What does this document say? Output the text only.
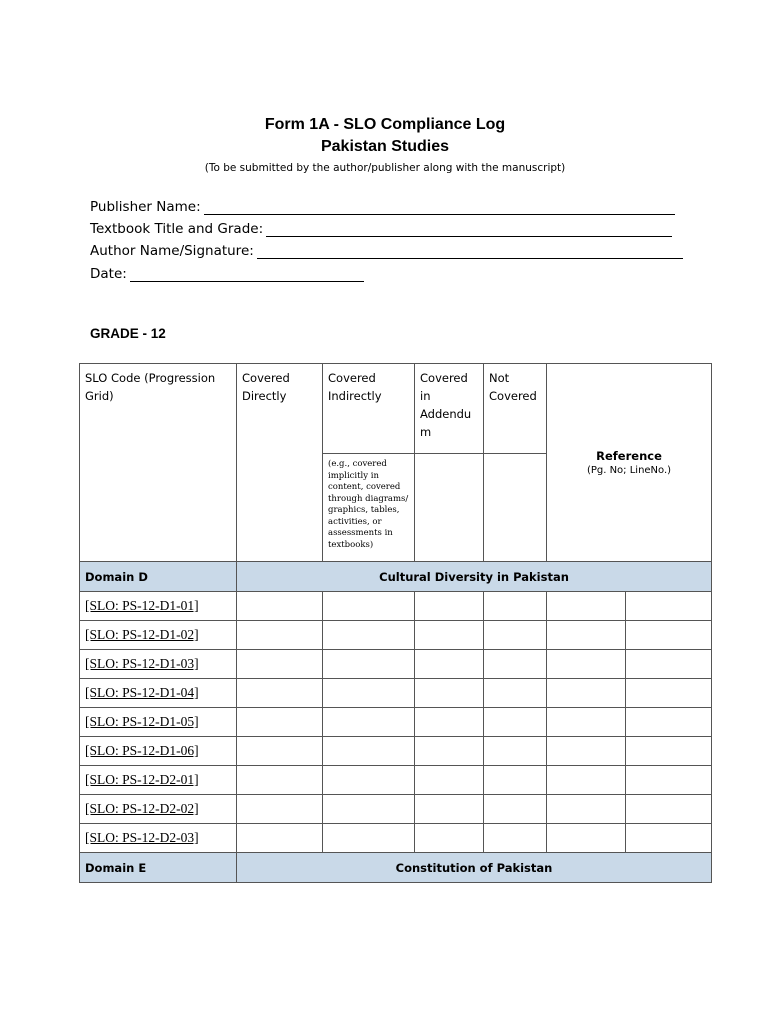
Form 1A - SLO Compliance Log
Pakistan Studies
(To be submitted by the author/publisher along with the manuscript)
Publisher Name:
Textbook Title and Grade:
Author Name/Signature:
Date:
GRADE - 12
SLO Code (Progression Grid)	Covered Directly	Covered Indirectly	Covered in Addendu m	Not Covered	Reference
(Pg. No; LineNo.)	

		(e.g., covered implicitly in content, covered through diagrams/ graphics, tables, activities, or assessments in textbooks)				
Domain D	Cultural Diversity in Pakistan					
[SLO: PS-12-D1-01]						
[SLO: PS-12-D1-02]						
[SLO: PS-12-D1-03]						
[SLO: PS-12-D1-04]						
[SLO: PS-12-D1-05]						
[SLO: PS-12-D1-06]						
[SLO: PS-12-D2-01]						
[SLO: PS-12-D2-02]						
[SLO: PS-12-D2-03]						
Domain E	Constitution of Pakistan					
